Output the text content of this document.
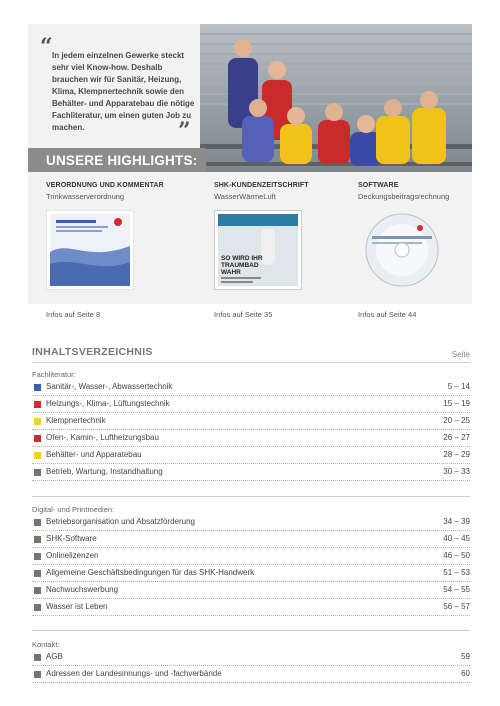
“ In jedem einzelnen Gewerke steckt sehr viel Know-how. Deshalb brauchen wir für Sanitär, Heizung, Klima, Klempnertechnik sowie den Behälter- und Apparatebau die nötige Fachliteratur, um einen guten Job zu machen.	”
UNSERE HIGHLIGHTS:
VERORDNUNG UND KOMMENTAR
Trinkwasserverordnung
Infos auf Seite 8
SHK-KUNDENZEITSCHRIFT
WasserWärmeLuft
SO WIRD IHR TRAUMBAD WAHR
Infos auf Seite 35
SOFTWARE
Deckungsbeitragsrechnung
Infos auf Seite 44
INHALTSVERZEICHNIS	Seite
Fachliteratur:
Sanitär-, Wasser-, Abwassertechnik	5 – 14
Heizungs-, Klima-, Lüftungstechnik	15 – 19
Klempnertechnik	20 – 25
Ofen-, Kamin-, Luftheizungsbau	26 – 27
Behälter- und Apparatebau	28 – 29
Betrieb, Wartung, Instandhaltung	30 – 33
Digital- und Printmedien:
Betriebsorganisation und Absatzförderung	34 – 39
SHK-Software	40 – 45
Onlinelizenzen	46 – 50
Allgemeine Geschäftsbedingungen für das SHK-Handwerk	51 – 53
Nachwuchswerbung	54 – 55
Wasser ist Leben	56 – 57
Kontakt:
AGB	59
Adressen der Landesinnungs- und -fachverbände	60
